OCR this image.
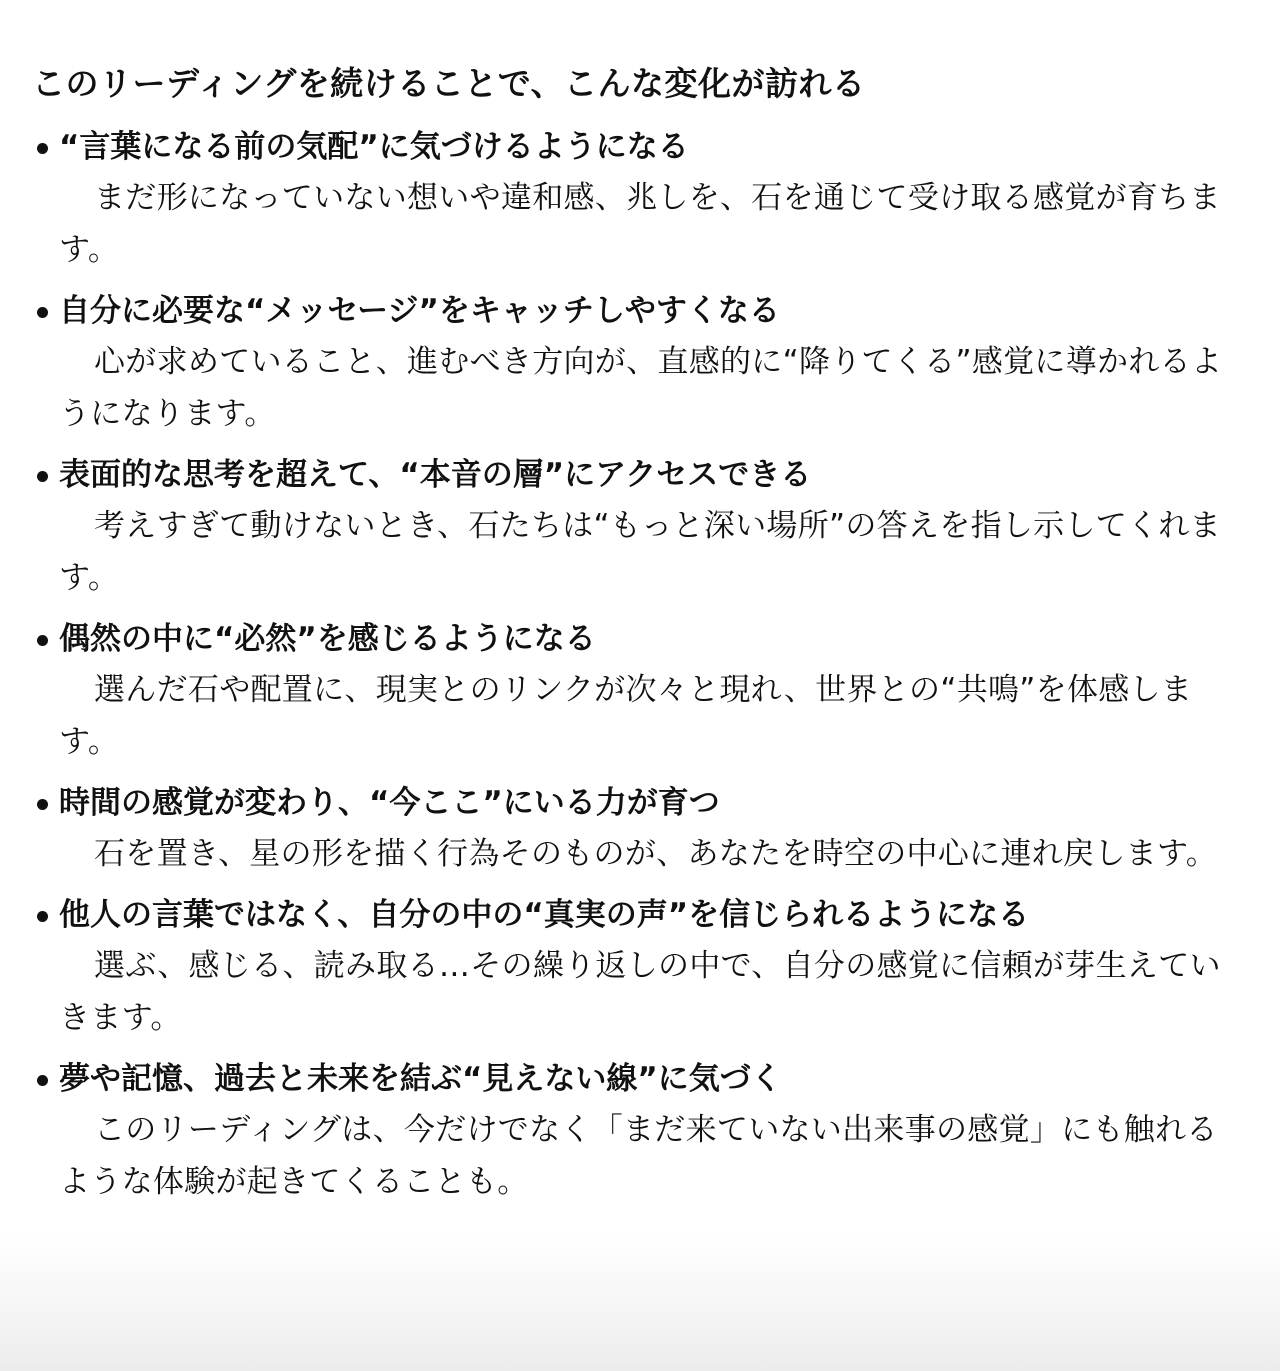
このリーディングを続けることで、こんな変化が訪れる

“言葉になる前の気配”に気づけるようになる

まだ形になっていない想いや違和感、兆しを、石を通じて受け取る感覚が育ちます。

自分に必要な“メッセージ”をキャッチしやすくなる

心が求めていること、進むべき方向が、直感的に“降りてくる”感覚に導かれるようになります。

表面的な思考を超えて、“本音の層”にアクセスできる

考えすぎて動けないとき、石たちは“もっと深い場所”の答えを指し示してくれます。

偶然の中に“必然”を感じるようになる

選んだ石や配置に、現実とのリンクが次々と現れ、世界との“共鳴”を体感します。

時間の感覚が変わり、“今ここ”にいる力が育つ

石を置き、星の形を描く行為そのものが、あなたを時空の中心に連れ戻します。

他人の言葉ではなく、自分の中の“真実の声”を信じられるようになる

選ぶ、感じる、読み取る…その繰り返しの中で、自分の感覚に信頼が芽生えていきます。

夢や記憶、過去と未来を結ぶ“見えない線”に気づく

このリーディングは、今だけでなく「まだ来ていない出来事の感覚」にも触れるような体験が起きてくることも。
